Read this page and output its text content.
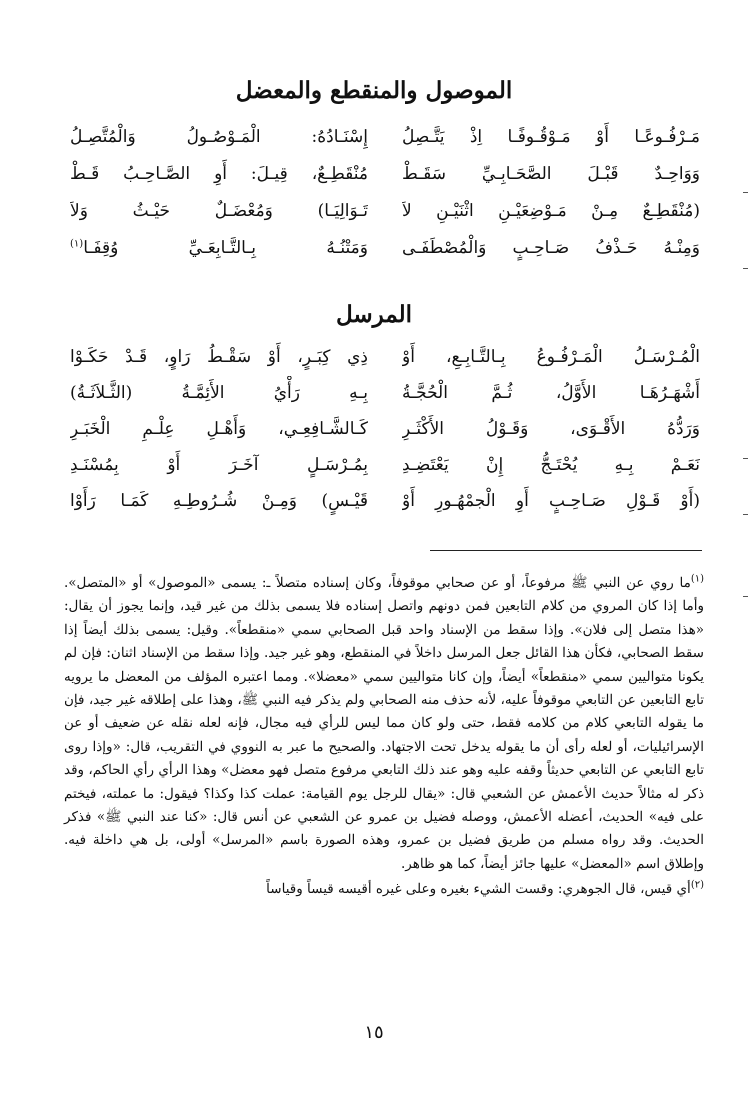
الموصول والمنقطع والمعضل
مَـرْفُـوعًـا أَوْ مَـوْقُـوفًـا اِذْ يَتَّـصِلُ
إِسْنَـادُهُ: الْمَـوْصُـولُ وَالْمُتَّصِـلُ
وَوَاحِـدٌ قَبْـلَ الصَّحَـابِـيِّ سَقَـطْ
مُنْقَطِـعٌ، قِيـلَ: أَوِ الصَّـاحِـبُ قَـطْ
(مُنْقَطِـعٌ مِـنْ مَـوْضِعَيْـنِ اثْنَيْـنِ لاَ
تَـوَالِيَـا) وَمُعْضَـلٌ حَيْـثُ وَلاَ
وَمِنْـهُ حَـذْفُ صَـاحِـبٍ وَالْمُصْطَفَـى
وَمَتْنُـهُ بِـالتَّـابِعَـيِّ وُقِفَـا$^{(١)}$
المرسل
الْمُـرْسَـلُ الْمَـرْفُـوعُ بِـالتَّـابِـعِ، أَوْ
ذِي كِبَـرٍ، أَوْ سَقْـطُ رَاوٍ، قَـدْ حَكَـوْا
أَشْهَـرُهَـا الأَوَّلُ، ثُـمَّ الْحُجَّـةُ
بِـهِ رَأْيُ الأَئِمَّـةُ (الثَّـلاَثَـةُ)
وَرَدُّهُ الأَقْـوَى، وَقَـوْلُ الأَكْثَـرِ
كَـالشَّـافِعِـي، وَأَهْـلِ عِلْـمِ الْخَبَـرِ
نَعَـمْ بِـهِ يُحْتَـجُّ إِنْ يَعْتَضِـدِ
بِمُـرْسَـلٍ آخَـرَ أَوْ بِمُسْنَـدِ
(أَوْ قَـوْلِ صَـاحِـبٍ أَوِ الْجمْهُـورِ أَوْ
قَيْـسٍ) وَمِـنْ شُـرُوطِـهِ كَمَـا رَأَوْا

$^{(١)}$ما روي عن النبي ﷺ مرفوعاً، أو عن صحابي موقوفاً، وكان إسناده متصلاً ـ: يسمى «الموصول» أو «المتصل». وأما إذا كان المروي من كلام التابعين فمن دونهم واتصل إسناده فلا يسمى بذلك من غير قيد، وإنما يجوز أن يقال: «هذا متصل إلى فلان». وإذا سقط من الإسناد واحد قبل الصحابي سمي «منقطعاً». وقيل: يسمى بذلك أيضاً إذا سقط الصحابي، فكأن هذا القائل جعل المرسل داخلاً في المنقطع، وهو غير جيد. وإذا سقط من الإسناد اثنان: فإن لم يكونا متواليين سمي «منقطعاً» أيضاً، وإن كانا متواليين سمي «معضلا». ومما اعتبره المؤلف من المعضل ما يرويه تابع التابعين عن التابعي موقوفاً عليه، لأنه حذف منه الصحابي ولم يذكر فيه النبي ﷺ، وهذا على إطلاقه غير جيد، فإن ما يقوله التابعي كلام من كلامه فقط، حتى ولو كان مما ليس للرأي فيه مجال، فإنه لعله نقله عن ضعيف أو عن الإسرائيليات، أو لعله رأى أن ما يقوله يدخل تحت الاجتهاد. والصحيح ما عبر به النووي في التقريب، قال: «وإذا روى تابع التابعي عن التابعي حديثاً وقفه عليه وهو عند ذلك التابعي مرفوع متصل فهو معضل» وهذا الرأي رأي الحاكم، وقد ذكر له مثالاً حديث الأعمش عن الشعبي قال: «يقال للرجل يوم القيامة: عملت كذا وكذا؟ فيقول: ما عملته، فيختم على فيه» الحديث، أعضله الأعمش، ووصله فضيل بن عمرو عن الشعبي عن أنس قال: «كنا عند النبي ﷺ» فذكر الحديث. وقد رواه مسلم من طريق فضيل بن عمرو، وهذه الصورة باسم «المرسل» أولى، بل هي داخلة فيه. وإطلاق اسم «المعضل» عليها جائز أيضاً، كما هو ظاهر.

$^{(٢)}$أي قيس، قال الجوهري: وقست الشيء بغيره وعلى غيره أقيسه قيساً وقياساً

١٥
